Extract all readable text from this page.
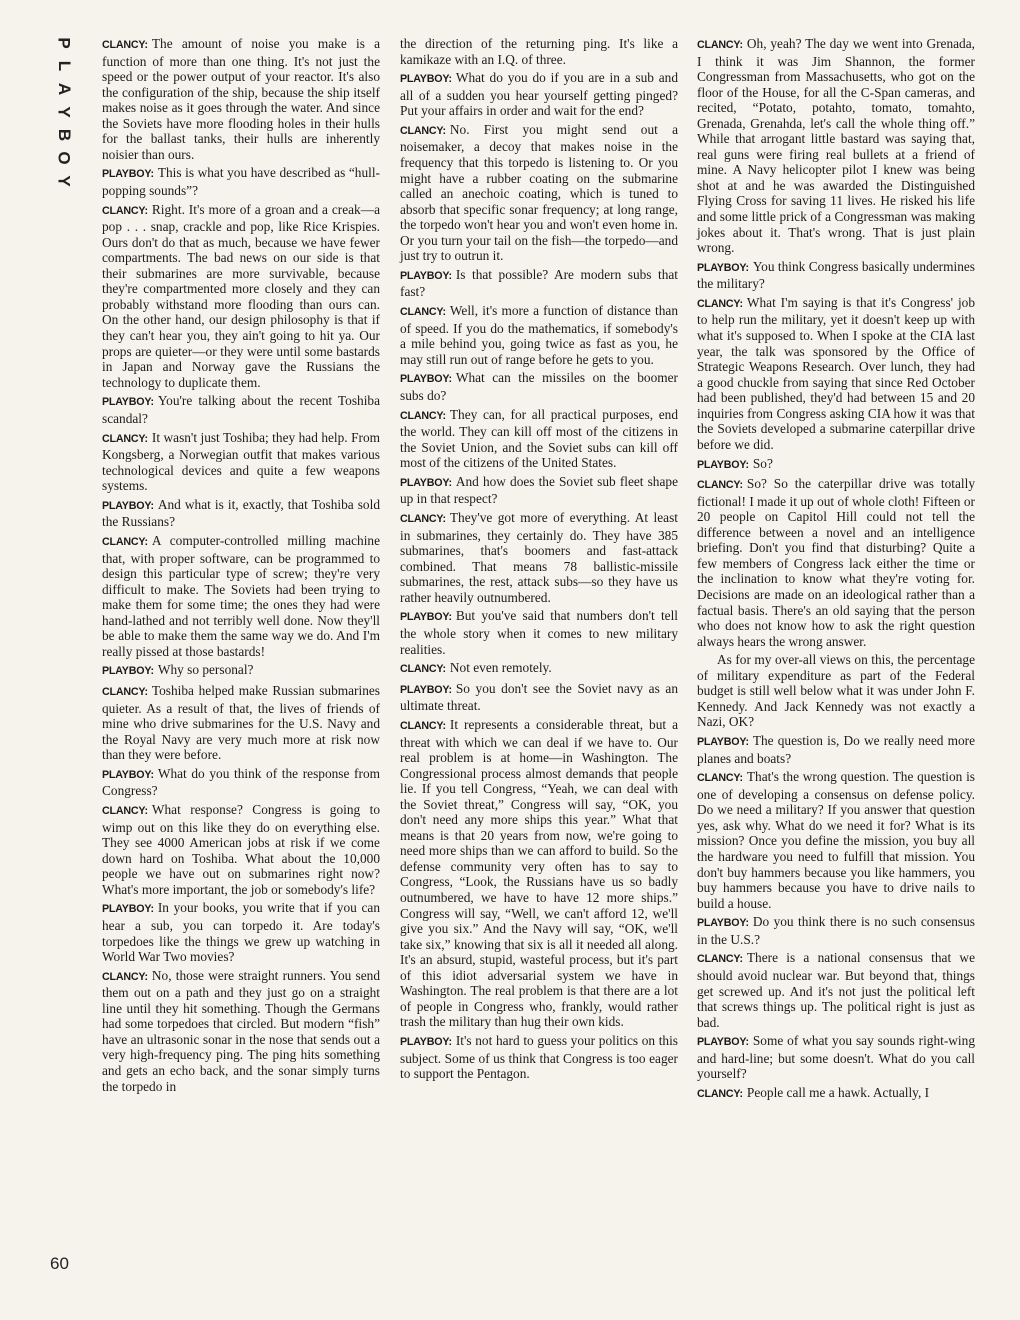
P
L
A
Y
B
O
Y

CLANCY: The amount of noise you make is a function of more than one thing. It's not just the speed or the power output of your reactor. It's also the configuration of the ship, because the ship itself makes noise as it goes through the water. And since the Soviets have more flooding holes in their hulls for the ballast tanks, their hulls are inherently noisier than ours.

PLAYBOY: This is what you have described as “hull-popping sounds”?

CLANCY: Right. It's more of a groan and a creak—a pop . . . snap, crackle and pop, like Rice Krispies. Ours don't do that as much, because we have fewer compartments. The bad news on our side is that their submarines are more survivable, because they're compartmented more closely and they can probably withstand more flooding than ours can. On the other hand, our design philosophy is that if they can't hear you, they ain't going to hit ya. Our props are quieter—or they were until some bastards in Japan and Norway gave the Russians the technology to duplicate them.

PLAYBOY: You're talking about the recent Toshiba scandal?

CLANCY: It wasn't just Toshiba; they had help. From Kongsberg, a Norwegian outfit that makes various technological devices and quite a few weapons systems.

PLAYBOY: And what is it, exactly, that Toshiba sold the Russians?

CLANCY: A computer-controlled milling machine that, with proper software, can be programmed to design this particular type of screw; they're very difficult to make. The Soviets had been trying to make them for some time; the ones they had were hand-lathed and not terribly well done. Now they'll be able to make them the same way we do. And I'm really pissed at those bastards!

PLAYBOY: Why so personal?

CLANCY: Toshiba helped make Russian submarines quieter. As a result of that, the lives of friends of mine who drive submarines for the U.S. Navy and the Royal Navy are very much more at risk now than they were before.

PLAYBOY: What do you think of the response from Congress?

CLANCY: What response? Congress is going to wimp out on this like they do on everything else. They see 4000 American jobs at risk if we come down hard on Toshiba. What about the 10,000 people we have out on submarines right now? What's more important, the job or somebody's life?

PLAYBOY: In your books, you write that if you can hear a sub, you can torpedo it. Are today's torpedoes like the things we grew up watching in World War Two movies?

CLANCY: No, those were straight runners. You send them out on a path and they just go on a straight line until they hit something. Though the Germans had some torpedoes that circled. But modern “fish” have an ultrasonic sonar in the nose that sends out a very high-frequency ping. The ping hits something and gets an echo back, and the sonar simply turns the torpedo in

the direction of the returning ping. It's like a kamikaze with an I.Q. of three.

PLAYBOY: What do you do if you are in a sub and all of a sudden you hear yourself getting pinged? Put your affairs in order and wait for the end?

CLANCY: No. First you might send out a noisemaker, a decoy that makes noise in the frequency that this torpedo is listening to. Or you might have a rubber coating on the submarine called an anechoic coating, which is tuned to absorb that specific sonar frequency; at long range, the torpedo won't hear you and won't even home in. Or you turn your tail on the fish—the torpedo—and just try to outrun it.

PLAYBOY: Is that possible? Are modern subs that fast?

CLANCY: Well, it's more a function of distance than of speed. If you do the mathematics, if somebody's a mile behind you, going twice as fast as you, he may still run out of range before he gets to you.

PLAYBOY: What can the missiles on the boomer subs do?

CLANCY: They can, for all practical purposes, end the world. They can kill off most of the citizens in the Soviet Union, and the Soviet subs can kill off most of the citizens of the United States.

PLAYBOY: And how does the Soviet sub fleet shape up in that respect?

CLANCY: They've got more of everything. At least in submarines, they certainly do. They have 385 submarines, that's boomers and fast-attack combined. That means 78 ballistic-missile submarines, the rest, attack subs—so they have us rather heavily outnumbered.

PLAYBOY: But you've said that numbers don't tell the whole story when it comes to new military realities.

CLANCY: Not even remotely.

PLAYBOY: So you don't see the Soviet navy as an ultimate threat.

CLANCY: It represents a considerable threat, but a threat with which we can deal if we have to. Our real problem is at home—in Washington. The Congressional process almost demands that people lie. If you tell Congress, “Yeah, we can deal with the Soviet threat,” Congress will say, “OK, you don't need any more ships this year.” What that means is that 20 years from now, we're going to need more ships than we can afford to build. So the defense community very often has to say to Congress, “Look, the Russians have us so badly outnumbered, we have to have 12 more ships.” Congress will say, “Well, we can't afford 12, we'll give you six.” And the Navy will say, “OK, we'll take six,” knowing that six is all it needed all along. It's an absurd, stupid, wasteful process, but it's part of this idiot adversarial system we have in Washington. The real problem is that there are a lot of people in Congress who, frankly, would rather trash the military than hug their own kids.

PLAYBOY: It's not hard to guess your politics on this subject. Some of us think that Congress is too eager to support the Pentagon.

CLANCY: Oh, yeah? The day we went into Grenada, I think it was Jim Shannon, the former Congressman from Massachusetts, who got on the floor of the House, for all the C-Span cameras, and recited, “Potato, potahto, tomato, tomahto, Grenada, Grenahda, let's call the whole thing off.” While that arrogant little bastard was saying that, real guns were firing real bullets at a friend of mine. A Navy helicopter pilot I knew was being shot at and he was awarded the Distinguished Flying Cross for saving 11 lives. He risked his life and some little prick of a Congressman was making jokes about it. That's wrong. That is just plain wrong.

PLAYBOY: You think Congress basically undermines the military?

CLANCY: What I'm saying is that it's Congress' job to help run the military, yet it doesn't keep up with what it's supposed to. When I spoke at the CIA last year, the talk was sponsored by the Office of Strategic Weapons Research. Over lunch, they had a good chuckle from saying that since Red October had been published, they'd had between 15 and 20 inquiries from Congress asking CIA how it was that the Soviets developed a submarine caterpillar drive before we did.

PLAYBOY: So?

CLANCY: So? So the caterpillar drive was totally fictional! I made it up out of whole cloth! Fifteen or 20 people on Capitol Hill could not tell the difference between a novel and an intelligence briefing. Don't you find that disturbing? Quite a few members of Congress lack either the time or the inclination to know what they're voting for. Decisions are made on an ideological rather than a factual basis. There's an old saying that the person who does not know how to ask the right question always hears the wrong answer.

As for my over-all views on this, the percentage of military expenditure as part of the Federal budget is still well below what it was under John F. Kennedy. And Jack Kennedy was not exactly a Nazi, OK?

PLAYBOY: The question is, Do we really need more planes and boats?

CLANCY: That's the wrong question. The question is one of developing a consensus on defense policy. Do we need a military? If you answer that question yes, ask why. What do we need it for? What is its mission? Once you define the mission, you buy all the hardware you need to fulfill that mission. You don't buy hammers because you like hammers, you buy hammers because you have to drive nails to build a house.

PLAYBOY: Do you think there is no such consensus in the U.S.?

CLANCY: There is a national consensus that we should avoid nuclear war. But beyond that, things get screwed up. And it's not just the political left that screws things up. The political right is just as bad.

PLAYBOY: Some of what you say sounds right-wing and hard-line; but some doesn't. What do you call yourself?

CLANCY: People call me a hawk. Actually, I

60
